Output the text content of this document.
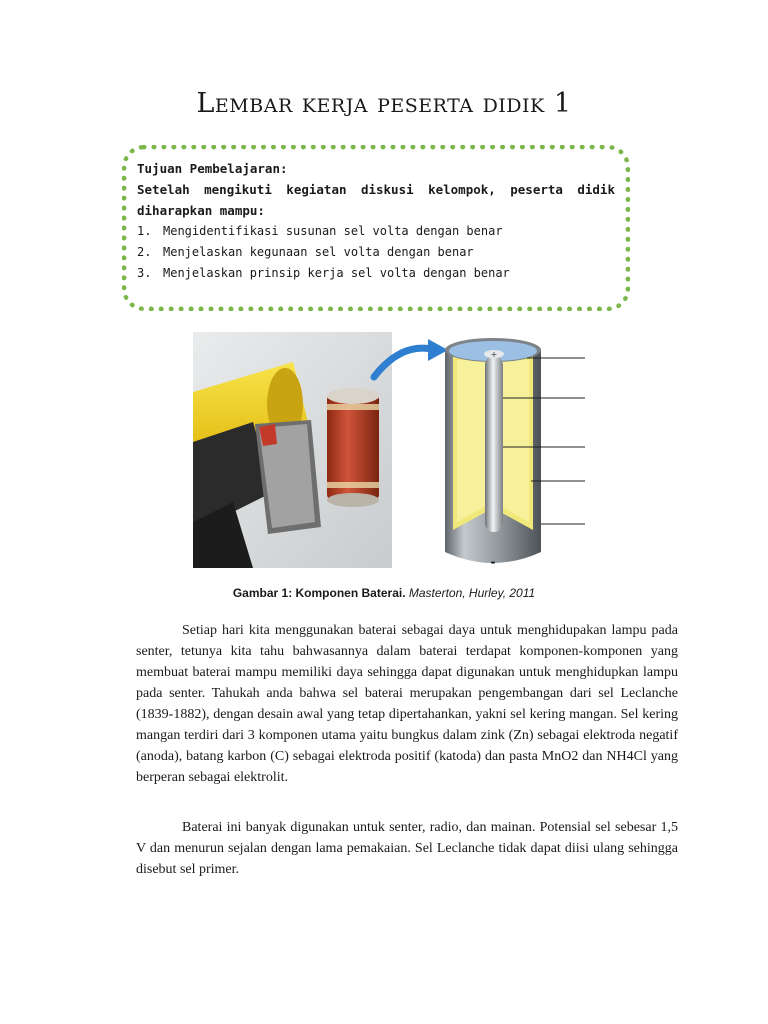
Lembar kerja peserta didik 1

Tujuan Pembelajaran:

Setelah mengikuti kegiatan diskusi kelompok, peserta didik diharapkan mampu:

1. Mengidentifikasi susunan sel volta dengan benar
2. Menjelaskan kegunaan sel volta dengan benar
3. Menjelaskan prinsip kerja sel volta dengan benar
+
-

Gambar 1: Komponen Baterai. Masterton, Hurley, 2011

Setiap hari kita menggunakan baterai sebagai daya untuk menghidupakan lampu pada senter, tetunya kita tahu bahwasannya dalam baterai terdapat komponen-komponen yang membuat baterai mampu memiliki daya sehingga dapat digunakan untuk menghidupkan lampu pada senter. Tahukah anda bahwa sel baterai merupakan pengembangan dari sel Leclanche (1839-1882), dengan desain awal yang tetap dipertahankan, yakni sel kering mangan. Sel kering mangan terdiri dari 3 komponen utama yaitu bungkus dalam zink (Zn) sebagai elektroda negatif (anoda), batang karbon (C) sebagai elektroda positif (katoda) dan pasta MnO2 dan NH4Cl yang berperan sebagai elektrolit.

Baterai ini banyak digunakan untuk senter, radio, dan mainan. Potensial sel sebesar 1,5 V dan menurun sejalan dengan lama pemakaian. Sel Leclanche tidak dapat diisi ulang sehingga disebut sel primer.
